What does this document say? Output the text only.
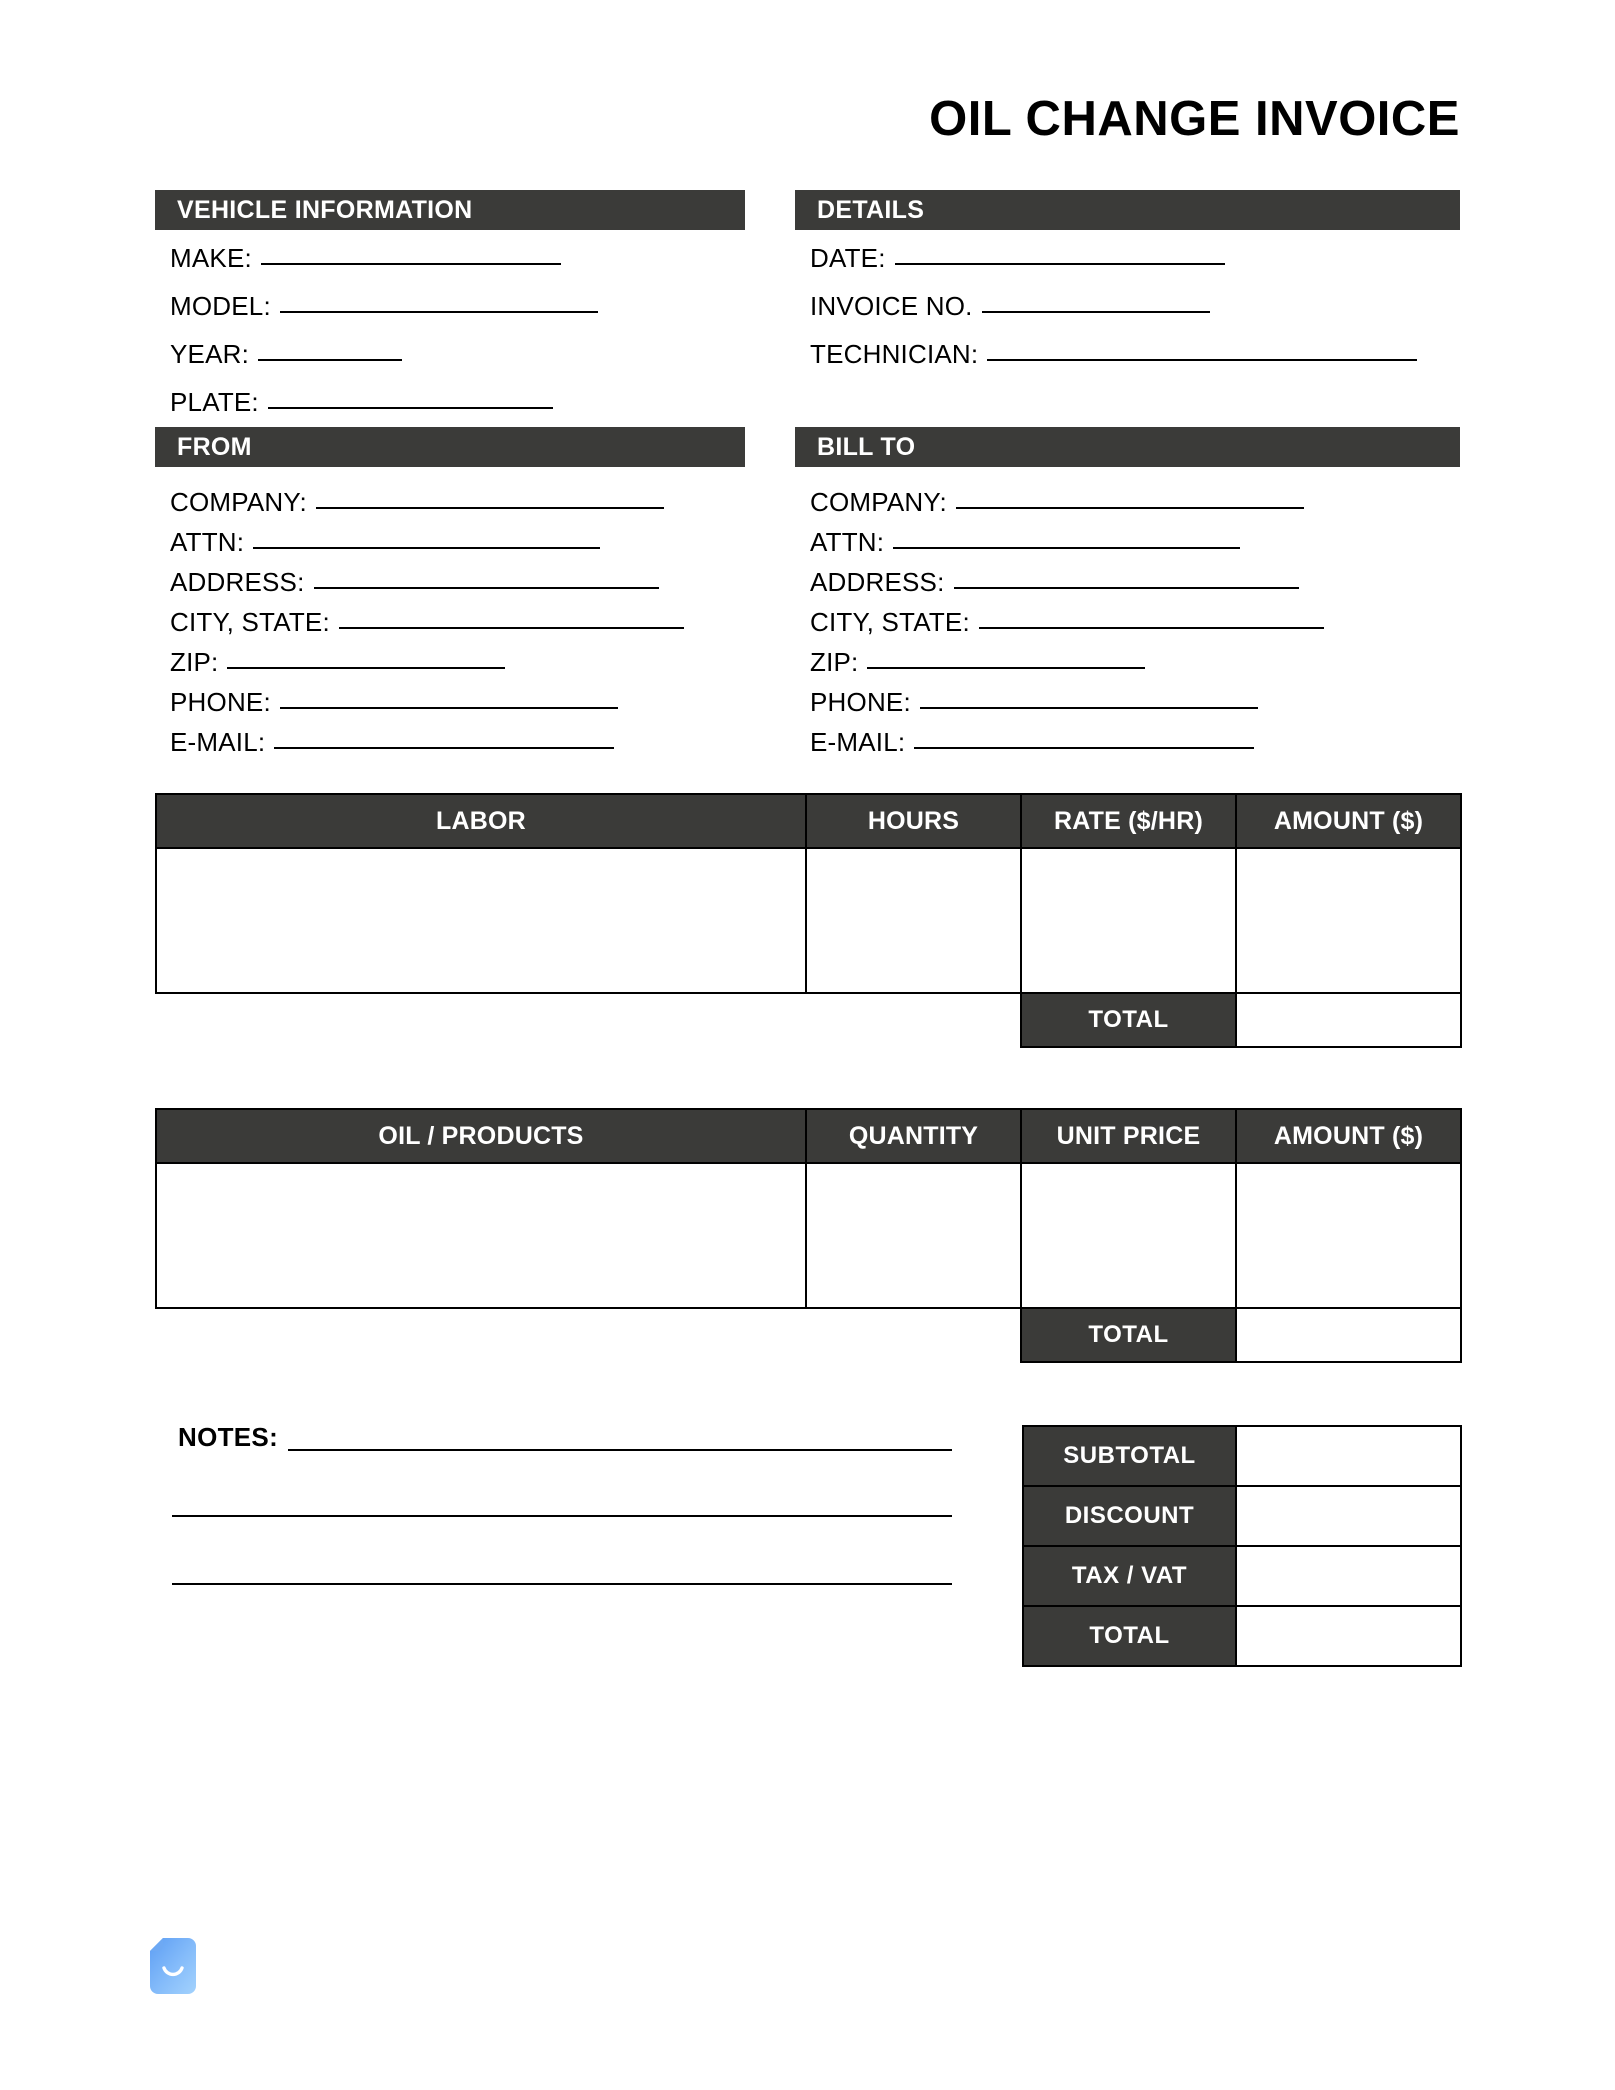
OIL CHANGE INVOICE
VEHICLE INFORMATION
MAKE:
MODEL:
YEAR:
PLATE:
DETAILS
DATE:
INVOICE NO.
TECHNICIAN:
FROM
COMPANY:
ATTN:
ADDRESS:
CITY, STATE:
ZIP:
PHONE:
E-MAIL:
BILL TO
COMPANY:
ATTN:
ADDRESS:
CITY, STATE:
ZIP:
PHONE:
E-MAIL:
LABOR	HOURS	RATE ($/HR)	AMOUNT ($)

		TOTAL	
OIL / PRODUCTS	QUANTITY	UNIT PRICE	AMOUNT ($)

		TOTAL	
NOTES:
SUBTOTAL	
DISCOUNT	
TAX / VAT	
TOTAL	
